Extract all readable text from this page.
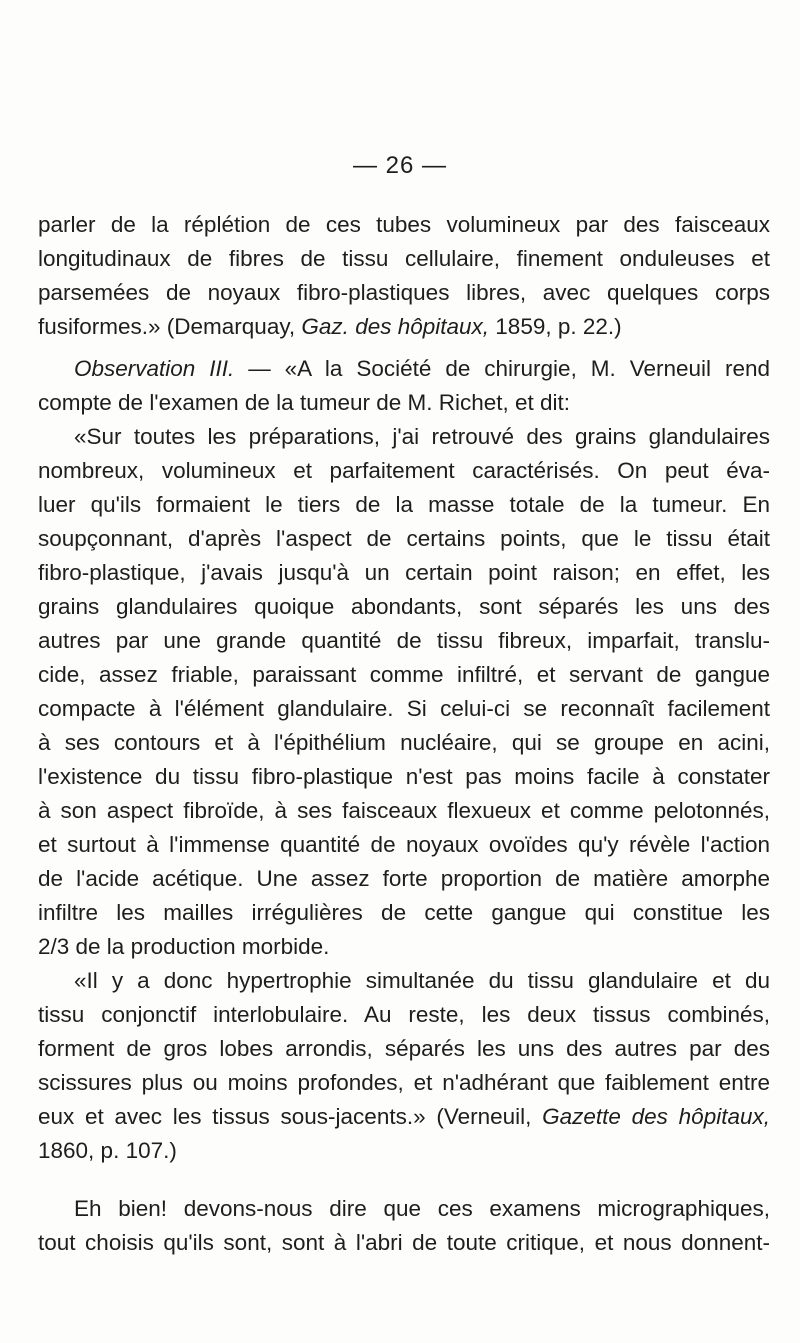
— 26 —
parler de la réplétion de ces tubes volumineux par des faisceaux
longitudinaux de fibres de tissu cellulaire, finement onduleuses et
parsemées de noyaux fibro-plastiques libres, avec quelques corps
fusiformes.» (Demarquay, Gaz. des hôpitaux, 1859, p. 22.)
Observation III. — «A la Société de chirurgie, M. Verneuil rend
compte de l'examen de la tumeur de M. Richet, et dit:
«Sur toutes les préparations, j'ai retrouvé des grains glandulaires
nombreux, volumineux et parfaitement caractérisés. On peut éva-
luer qu'ils formaient le tiers de la masse totale de la tumeur. En
soupçonnant, d'après l'aspect de certains points, que le tissu était
fibro-plastique, j'avais jusqu'à un certain point raison; en effet, les
grains glandulaires quoique abondants, sont séparés les uns des
autres par une grande quantité de tissu fibreux, imparfait, translu-
cide, assez friable, paraissant comme infiltré, et servant de gangue
compacte à l'élément glandulaire. Si celui-ci se reconnaît facilement
à ses contours et à l'épithélium nucléaire, qui se groupe en acini,
l'existence du tissu fibro-plastique n'est pas moins facile à constater
à son aspect fibroïde, à ses faisceaux flexueux et comme pelotonnés,
et surtout à l'immense quantité de noyaux ovoïdes qu'y révèle l'action
de l'acide acétique. Une assez forte proportion de matière amorphe
infiltre les mailles irrégulières de cette gangue qui constitue les
2/3 de la production morbide.
«Il y a donc hypertrophie simultanée du tissu glandulaire et du
tissu conjonctif interlobulaire. Au reste, les deux tissus combinés,
forment de gros lobes arrondis, séparés les uns des autres par des
scissures plus ou moins profondes, et n'adhérant que faiblement entre
eux et avec les tissus sous-jacents.» (Verneuil, Gazette des hôpitaux,
1860, p. 107.)
Eh bien! devons-nous dire que ces examens micrographiques,
tout choisis qu'ils sont, sont à l'abri de toute critique, et nous donnent-
